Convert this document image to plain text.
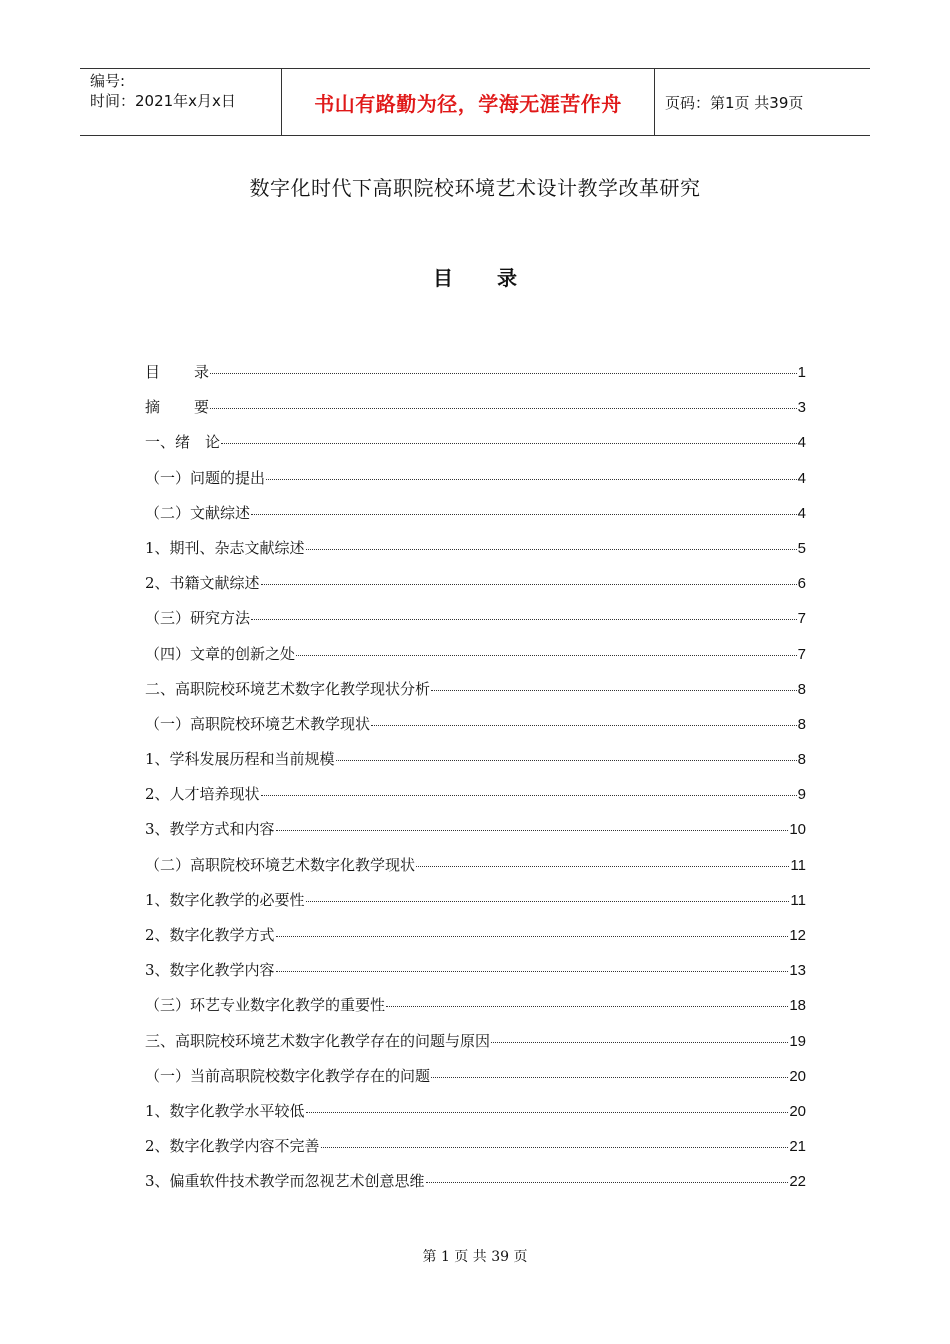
编号:
时间：2021年x月x日	书山有路勤为径，学海无涯苦作舟	页码：第1页 共39页
数字化时代下高职院校环境艺术设计教学改革研究
目 录
目 录	1
摘 要	3
一、绪　论	4
（一）问题的提出	4
（二）文献综述	4
1、期刊、杂志文献综述	5
2、书籍文献综述	6
（三）研究方法	7
（四）文章的创新之处	7
二、高职院校环境艺术数字化教学现状分析	8
（一）高职院校环境艺术教学现状	8
1、学科发展历程和当前规模	8
2、人才培养现状	9
3、教学方式和内容	10
（二）高职院校环境艺术数字化教学现状	11
1、数字化教学的必要性	11
2、数字化教学方式	12
3、数字化教学内容	13
（三）环艺专业数字化教学的重要性	18
三、高职院校环境艺术数字化教学存在的问题与原因	19
（一）当前高职院校数字化教学存在的问题	20
1、数字化教学水平较低	20
2、数字化教学内容不完善	21
3、偏重软件技术教学而忽视艺术创意思维	22
第 1 页 共 39 页
